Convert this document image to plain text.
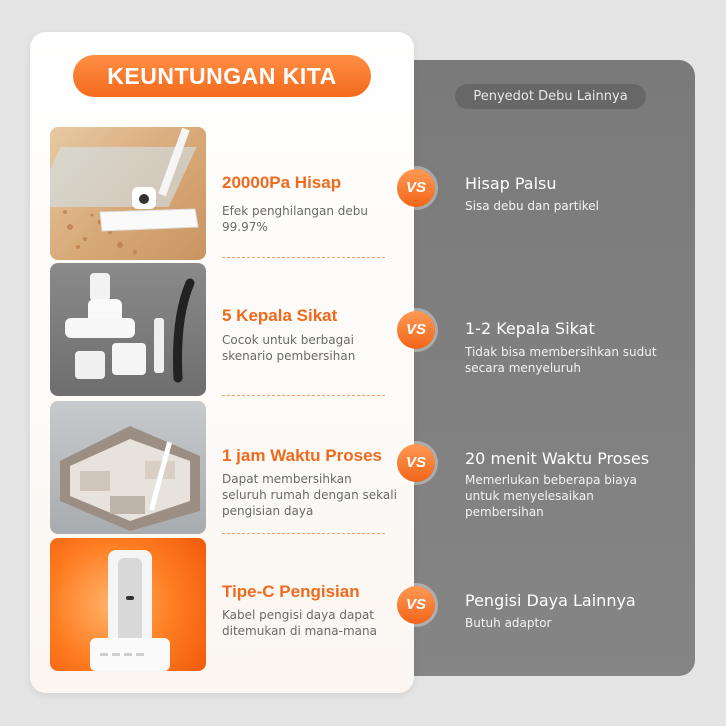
Penyedot Debu Lainnya
KEUNTUNGAN KITA
20000Pa Hisap
Efek penghilangan debu 99.97%
5 Kepala Sikat
Cocok untuk berbagai skenario pembersihan
1 jam Waktu Proses
Dapat membersihkan seluruh rumah dengan sekali pengisian daya
Tipe-C Pengisian
Kabel pengisi daya dapat ditemukan di mana-mana
VS
VS
VS
VS
Hisap Palsu
Sisa debu dan partikel
1-2 Kepala Sikat
Tidak bisa membersihkan sudut secara menyeluruh
20 menit Waktu Proses
Memerlukan beberapa biaya untuk menyelesaikan pembersihan
Pengisi Daya Lainnya
Butuh adaptor
